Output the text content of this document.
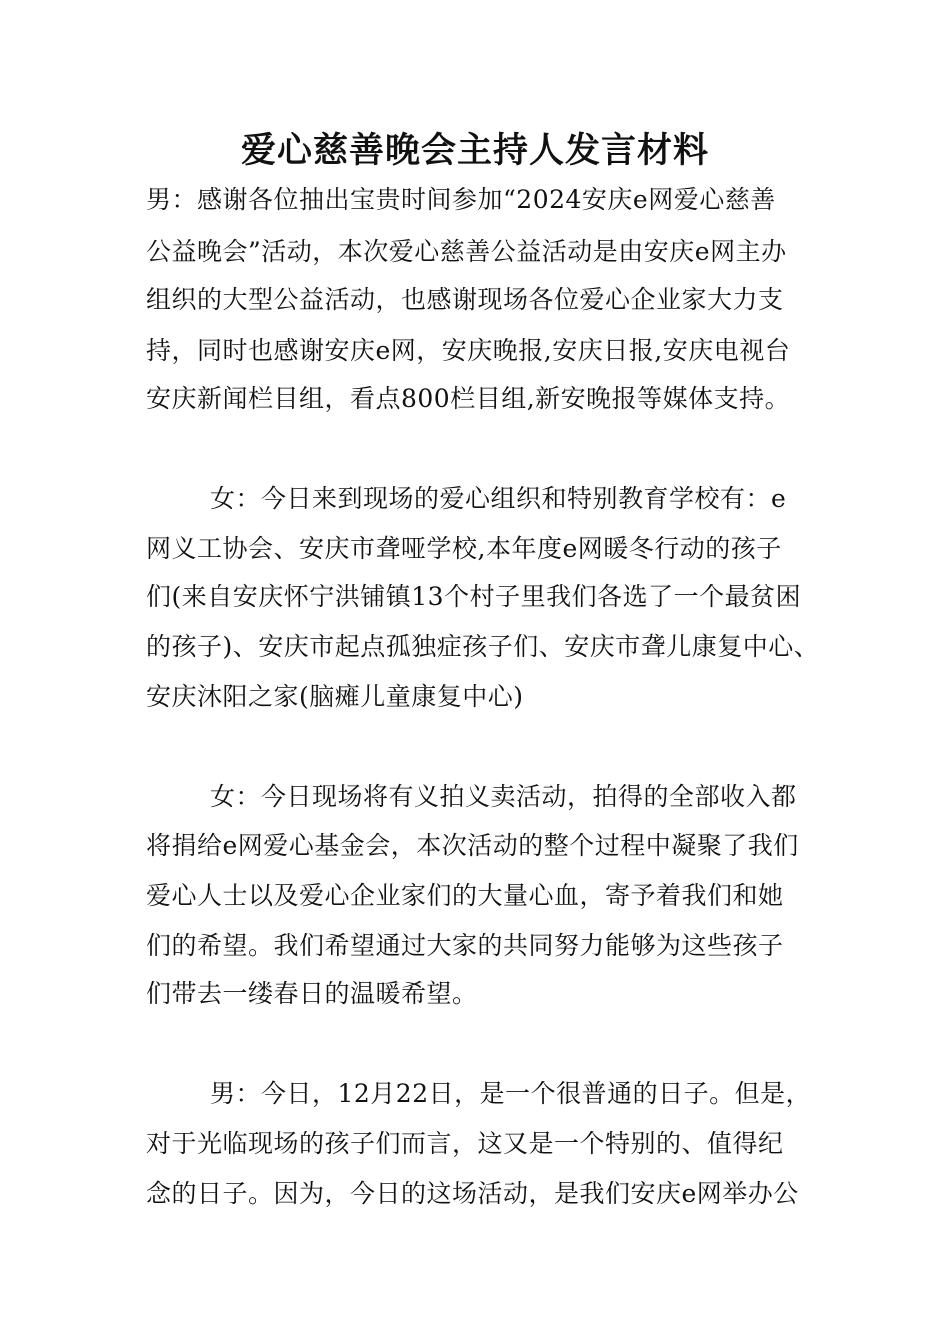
爱心慈善晚会主持人发言材料
男：感谢各位抽出宝贵时间参加“2024安庆e网爱心慈善
公益晚会”活动，本次爱心慈善公益活动是由安庆e网主办
组织的大型公益活动，也感谢现场各位爱心企业家大力支
持，同时也感谢安庆e网，安庆晚报,安庆日报,安庆电视台
安庆新闻栏目组，看点800栏目组,新安晚报等媒体支持。
女：今日来到现场的爱心组织和特别教育学校有：e
网义工协会、安庆市聋哑学校,本年度e网暖冬行动的孩子
们(来自安庆怀宁洪铺镇13个村子里我们各选了一个最贫困
的孩子)、安庆市起点孤独症孩子们、安庆市聋儿康复中心、
安庆沐阳之家(脑瘫儿童康复中心)
女：今日现场将有义拍义卖活动，拍得的全部收入都
将捐给e网爱心基金会，本次活动的整个过程中凝聚了我们
爱心人士以及爱心企业家们的大量心血，寄予着我们和她
们的希望。我们希望通过大家的共同努力能够为这些孩子
们带去一缕春日的温暖希望。
男：今日，12月22日，是一个很普通的日子。但是，
对于光临现场的孩子们而言，这又是一个特别的、值得纪
念的日子。因为，今日的这场活动，是我们安庆e网举办公
